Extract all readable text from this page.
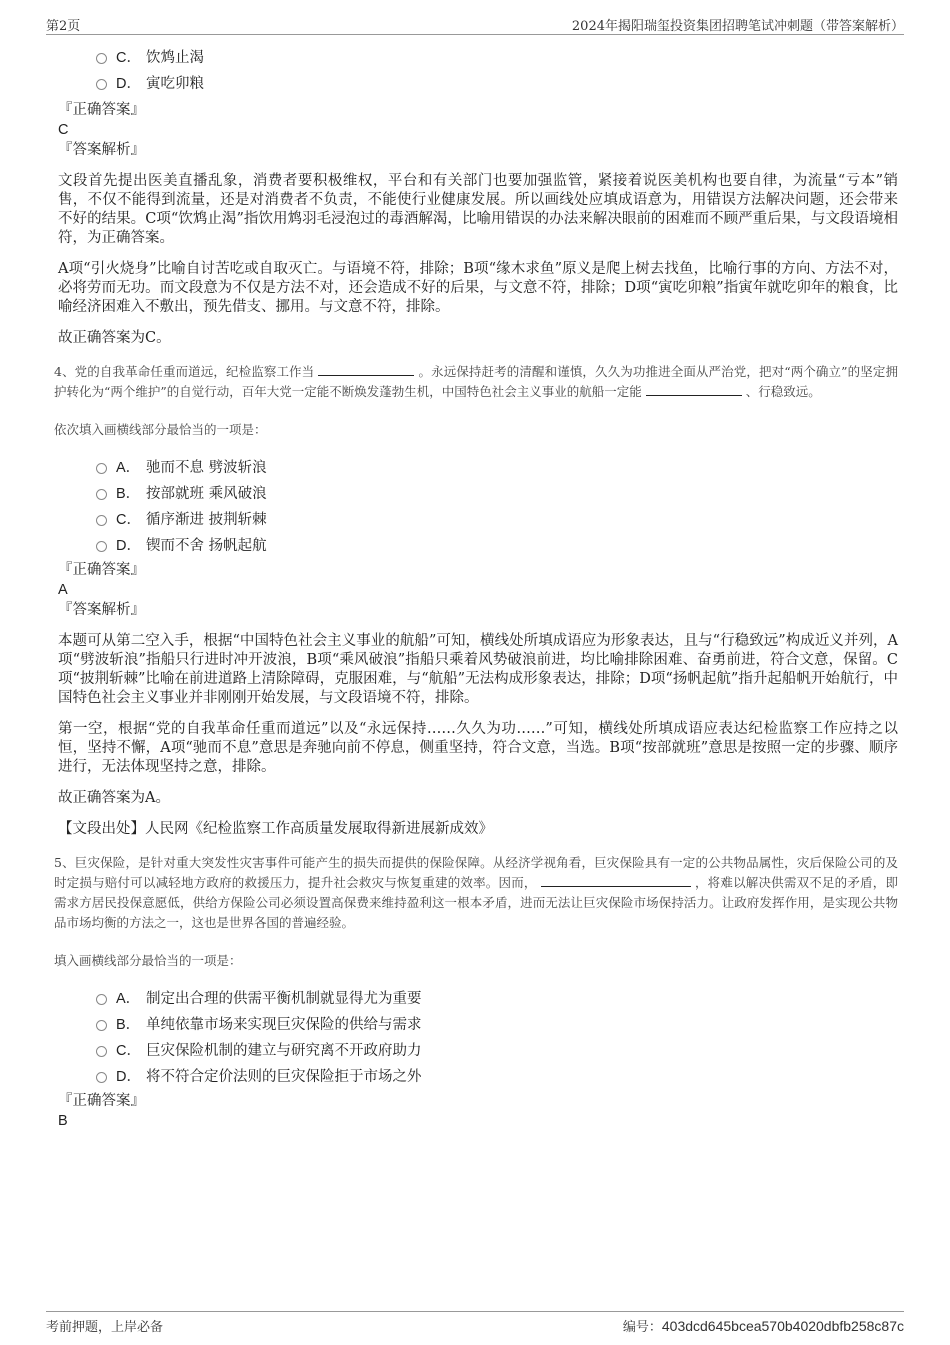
第2页	2024年揭阳瑞玺投资集团招聘笔试冲刺题（带答案解析）
C． 饮鸩止渴
D． 寅吃卯粮
『正确答案』
C
『答案解析』

文段首先提出医美直播乱象，消费者要积极维权，平台和有关部门也要加强监管，紧接着说医美机构也要自律，为流量“亏本”销售，不仅不能得到流量，还是对消费者不负责，不能使行业健康发展。所以画线处应填成语意为，用错误方法解决问题，还会带来不好的结果。C项“饮鸩止渴”指饮用鸩羽毛浸泡过的毒酒解渴，比喻用错误的办法来解决眼前的困难而不顾严重后果，与文段语境相符，为正确答案。

A项“引火烧身”比喻自讨苦吃或自取灭亡。与语境不符，排除；B项“缘木求鱼”原义是爬上树去找鱼，比喻行事的方向、方法不对，必将劳而无功。而文段意为不仅是方法不对，还会造成不好的后果，与文意不符，排除；D项“寅吃卯粮”指寅年就吃卯年的粮食，比喻经济困难入不敷出，预先借支、挪用。与文意不符，排除。

故正确答案为C。

4、党的自我革命任重而道远，纪检监察工作当	。永远保持赶考的清醒和谨慎，久久为功推进全面从严治党，把对“两个确立”的坚定拥护转化为“两个维护”的自觉行动，百年大党一定能不断焕发蓬勃生机，中国特色社会主义事业的航船一定能	、行稳致远。
依次填入画横线部分最恰当的一项是：
A． 驰而不息 劈波斩浪
B． 按部就班 乘风破浪
C． 循序渐进 披荆斩棘
D． 锲而不舍 扬帆起航
『正确答案』
A
『答案解析』

本题可从第二空入手，根据“中国特色社会主义事业的航船”可知，横线处所填成语应为形象表达，且与“行稳致远”构成近义并列，A项“劈波斩浪”指船只行进时冲开波浪，B项“乘风破浪”指船只乘着风势破浪前进，均比喻排除困难、奋勇前进，符合文意，保留。C项“披荆斩棘”比喻在前进道路上清除障碍，克服困难，与“航船”无法构成形象表达，排除；D项“扬帆起航”指升起船帆开始航行，中国特色社会主义事业并非刚刚开始发展，与文段语境不符，排除。

第一空，根据“党的自我革命任重而道远”以及“永远保持……久久为功……”可知，横线处所填成语应表达纪检监察工作应持之以恒，坚持不懈，A项“驰而不息”意思是奔驰向前不停息，侧重坚持，符合文意，当选。B项“按部就班”意思是按照一定的步骤、顺序进行，无法体现坚持之意，排除。

故正确答案为A。

【文段出处】人民网《纪检监察工作高质量发展取得新进展新成效》

5、巨灾保险，是针对重大突发性灾害事件可能产生的损失而提供的保险保障。从经济学视角看，巨灾保险具有一定的公共物品属性，灾后保险公司的及时定损与赔付可以减轻地方政府的救援压力，提升社会救灾与恢复重建的效率。因而，	，将难以解决供需双不足的矛盾，即需求方居民投保意愿低，供给方保险公司必须设置高保费来维持盈利这一根本矛盾，进而无法让巨灾保险市场保持活力。让政府发挥作用，是实现公共物品市场均衡的方法之一，这也是世界各国的普遍经验。
填入画横线部分最恰当的一项是：
A． 制定出合理的供需平衡机制就显得尤为重要
B． 单纯依靠市场来实现巨灾保险的供给与需求
C． 巨灾保险机制的建立与研究离不开政府助力
D． 将不符合定价法则的巨灾保险拒于市场之外
『正确答案』
B
考前押题，上岸必备	编号：403dcd645bcea570b4020dbfb258c87c
